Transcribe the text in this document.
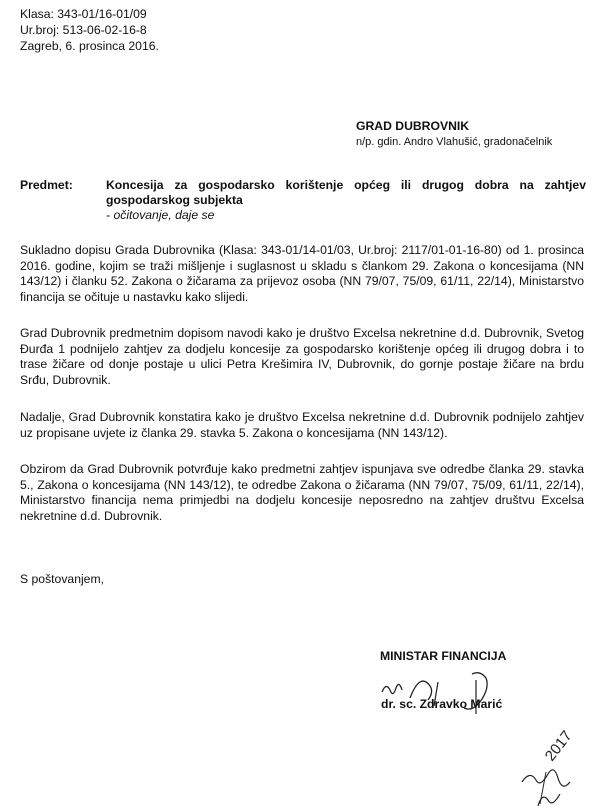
Klasa: 343-01/16-01/09
Ur.broj: 513-06-02-16-8
Zagreb, 6. prosinca 2016.
GRAD DUBROVNIK
n/p. gdin. Andro Vlahušić, gradonačelnik
Predmet:	Koncesija za gospodarsko korištenje općeg ili drugog dobra na zahtjev gospodarskog subjekta
- očitovanje, daje se
Sukladno dopisu Grada Dubrovnika (Klasa: 343-01/14-01/03, Ur.broj: 2117/01-01-16-80) od 1. prosinca 2016. godine, kojim se traži mišljenje i suglasnost u skladu s člankom 29. Zakona o koncesijama (NN 143/12) i članku 52. Zakona o žičarama za prijevoz osoba (NN 79/07, 75/09, 61/11, 22/14), Ministarstvo financija se očituje u nastavku kako slijedi.
Grad Dubrovnik predmetnim dopisom navodi kako je društvo Excelsa nekretnine d.d. Dubrovnik, Svetog Đurđa 1 podnijelo zahtjev za dodjelu koncesije za gospodarsko korištenje općeg ili drugog dobra i to trase žičare od donje postaje u ulici Petra Krešimira IV, Dubrovnik, do gornje postaje žičare na brdu Srđu, Dubrovnik.
Nadalje, Grad Dubrovnik konstatira kako je društvo Excelsa nekretnine d.d. Dubrovnik podnijelo zahtjev uz propisane uvjete iz članka 29. stavka 5. Zakona o koncesijama (NN 143/12).
Obzirom da Grad Dubrovnik potvrđuje kako predmetni zahtjev ispunjava sve odredbe članka 29. stavka 5., Zakona o koncesijama (NN 143/12), te odredbe Zakona o žičarama (NN 79/07, 75/09, 61/11, 22/14), Ministarstvo financija nema primjedbi na dodjelu koncesije neposredno na zahtjev društvu Excelsa nekretnine d.d. Dubrovnik.
S poštovanjem,
MINISTAR FINANCIJA
dr. sc. Zdravko Marić
2017
